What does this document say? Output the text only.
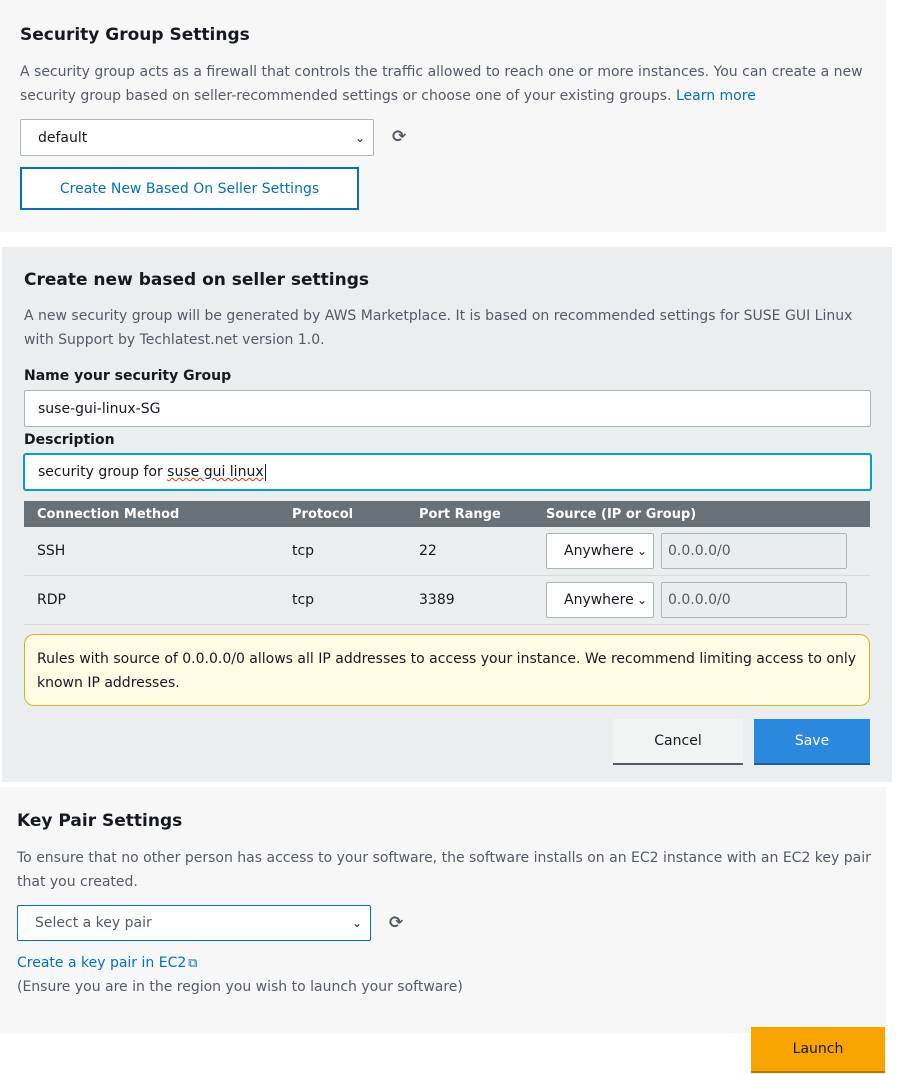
Security Group Settings

A security group acts as a firewall that controls the traffic allowed to reach one or more instances. You can create a new security group based on seller-recommended settings or choose one of your existing groups. Learn more

default	⌄ ⟳
Create New Based On Seller Settings
Create new based on seller settings

A new security group will be generated by AWS Marketplace. It is based on recommended settings for SUSE GUI Linux with Support by Techlatest.net version 1.0.

Name your security Group
suse-gui-linux-SG
Description
security group for suse gui linux
Connection Method	Protocol	Port Range	Source (IP or Group)
SSH	tcp	22	Anywhere ⌄ 0.0.0.0/0

RDP	tcp	3389	Anywhere ⌄ 0.0.0.0/0
Rules with source of 0.0.0.0/0 allows all IP addresses to access your instance. We recommend limiting access to only known IP addresses.
Cancel	Save
Key Pair Settings

To ensure that no other person has access to your software, the software installs on an EC2 instance with an EC2 key pair that you created.

Select a key pair	⌄ ⟳
Create a key pair in EC2 ⧉
(Ensure you are in the region you wish to launch your software)
Launch
